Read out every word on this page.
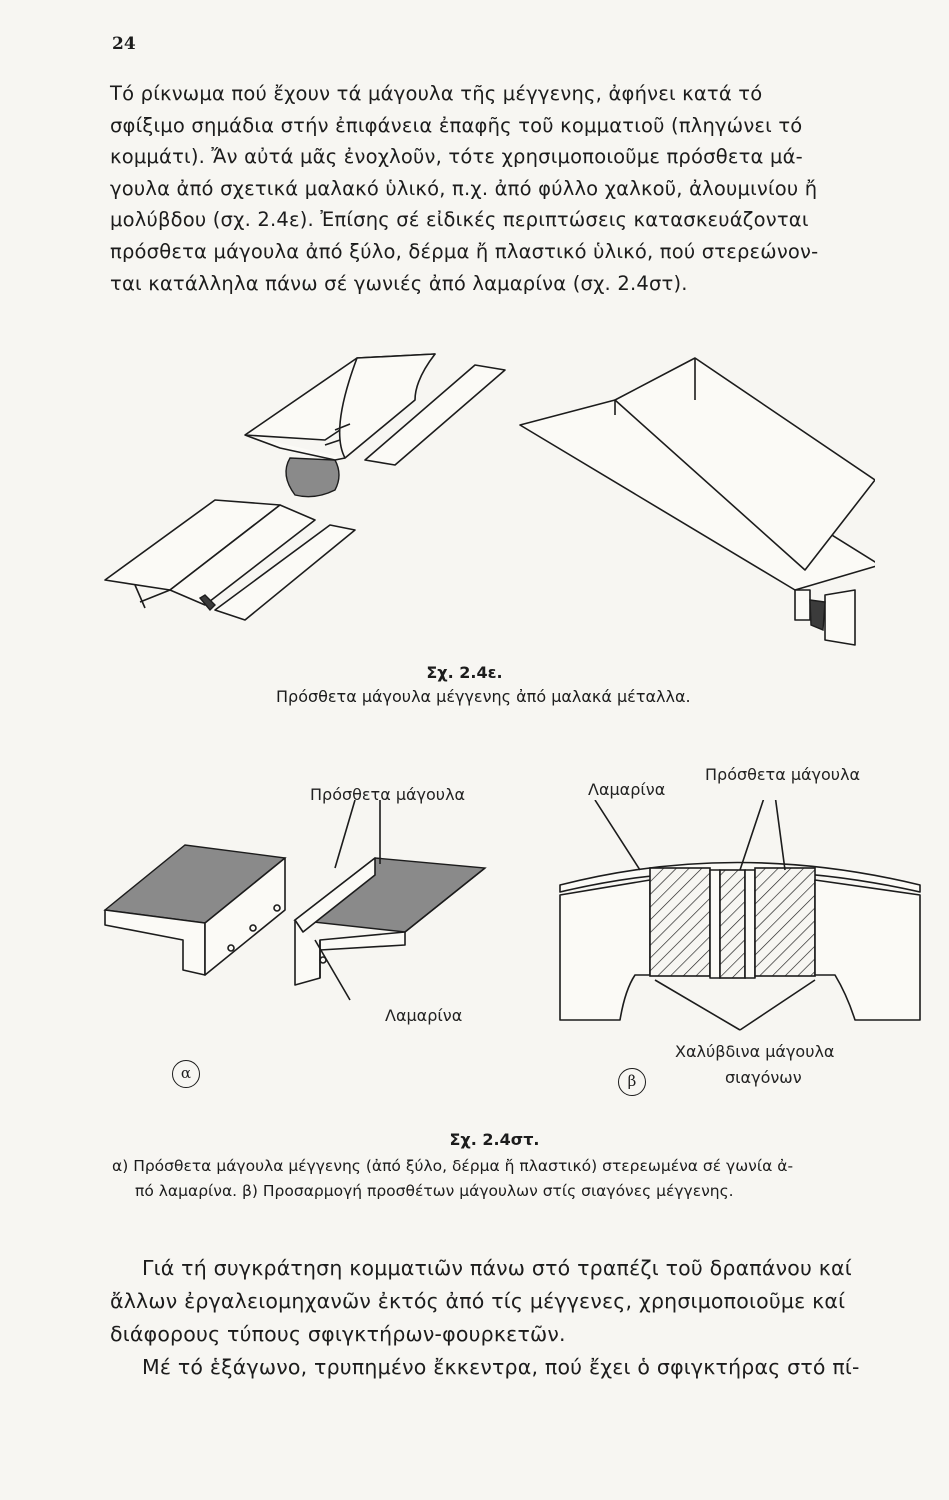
24

Τό ρίκνωμα πού ἔχουν τά μάγουλα τῆς μέγγενης, ἀφήνει κατά τό

σφίξιμο σημάδια στήν ἐπιφάνεια ἐπαφῆς τοῦ κομματιοῦ (πληγώνει τό

κομμάτι). Ἄν αὐτά μᾶς ἐνοχλοῦν, τότε χρησιμοποιοῦμε πρόσθετα μά-

γουλα ἀπό σχετικά μαλακό ὑλικό, π.χ. ἀπό φύλλο χαλκοῦ, ἀλουμινίου ἤ

μολύβδου (σχ. 2.4ε). Ἐπίσης σέ εἰδικές περιπτώσεις κατασκευάζονται

πρόσθετα μάγουλα ἀπό ξύλο, δέρμα ἤ πλαστικό ὑλικό, πού στερεώνον-

ται κατάλληλα πάνω σέ γωνιές ἀπό λαμαρίνα (σχ. 2.4στ).

Σχ. 2.4ε.
Πρόσθετα μάγουλα μέγγενης ἀπό μαλακά μέταλλα.
Πρόσθετα μάγουλα
Λαμαρίνα
Λαμαρίνα
Πρόσθετα μάγουλα
Χαλύβδινα μάγουλα
σιαγόνων
α	β
Σχ. 2.4στ.
α) Πρόσθετα μάγουλα μέγγενης (ἀπό ξύλο, δέρμα ἤ πλαστικό) στερεωμένα σέ γωνία ἀ-
πό λαμαρίνα. β) Προσαρμογή προσθέτων μάγουλων στίς σιαγόνες μέγγενης.

Γιά τή συγκράτηση κομματιῶν πάνω στό τραπέζι τοῦ δραπάνου καί

ἄλλων ἐργαλειομηχανῶν ἐκτός ἀπό τίς μέγγενες, χρησιμοποιοῦμε καί

διάφορους τύπους σφιγκτήρων-φουρκετῶν.

Μέ τό ἑξάγωνο, τρυπημένο ἔκκεντρα, πού ἔχει ὁ σφιγκτήρας στό πί-
